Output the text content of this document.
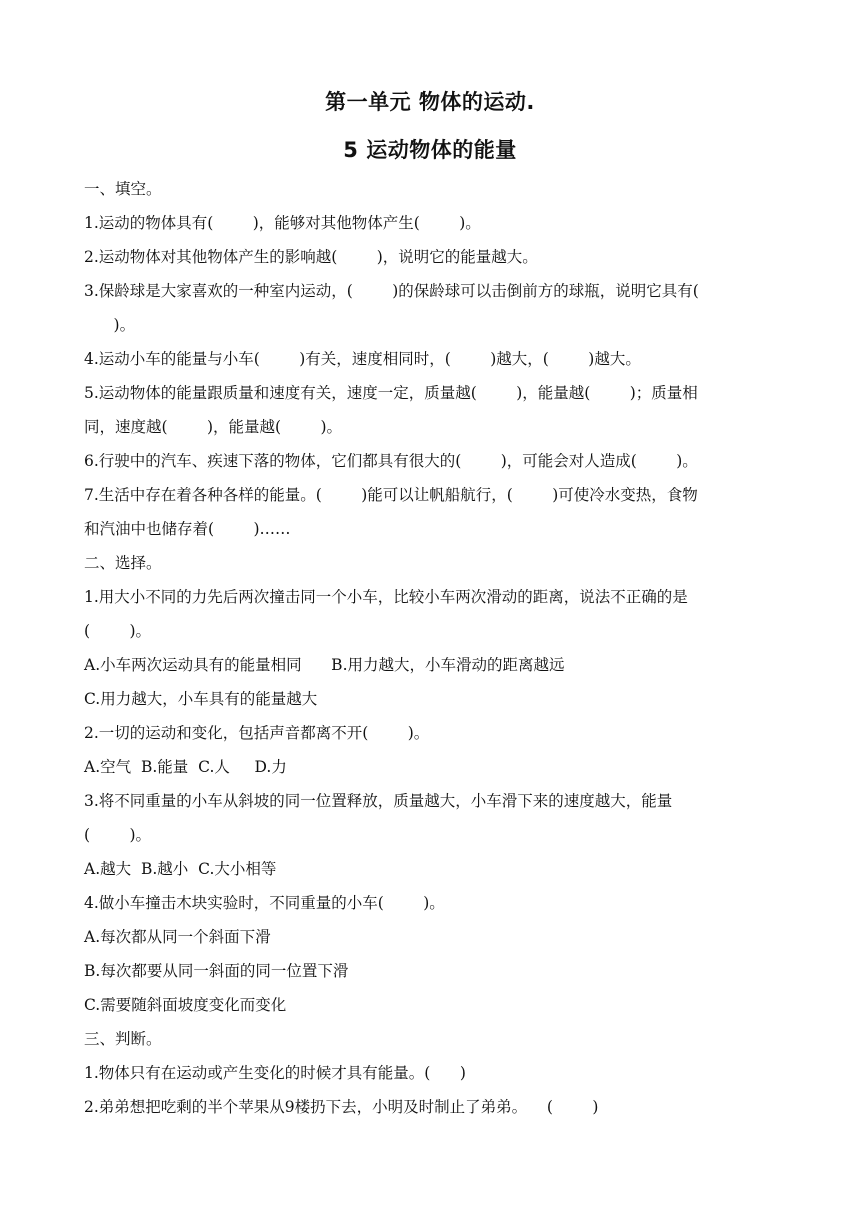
第一单元 物体的运动.
5 运动物体的能量
一、填空。
1.运动的物体具有(        )，能够对其他物体产生(        )。
2.运动物体对其他物体产生的影响越(        )，说明它的能量越大。
3.保龄球是大家喜欢的一种室内运动，(        )的保龄球可以击倒前方的球瓶，说明它具有(
)。
4.运动小车的能量与小车(        )有关，速度相同时，(        )越大，(        )越大。
5.运动物体的能量跟质量和速度有关，速度一定，质量越(        )，能量越(        )；质量相
同，速度越(        )，能量越(        )。
6.行驶中的汽车、疾速下落的物体，它们都具有很大的(        )，可能会对人造成(        )。
7.生活中存在着各种各样的能量。(        )能可以让帆船航行，(        )可使冷水变热，食物
和汽油中也储存着(        )……
二、选择。
1.用大小不同的力先后两次撞击同一个小车，比较小车两次滑动的距离，说法不正确的是
(        )。
A.小车两次运动具有的能量相同      B.用力越大，小车滑动的距离越远
C.用力越大，小车具有的能量越大
2.一切的运动和变化，包括声音都离不开(        )。
A.空气  B.能量  C.人     D.力
3.将不同重量的小车从斜坡的同一位置释放，质量越大，小车滑下来的速度越大，能量
(        )。
A.越大  B.越小  C.大小相等
4.做小车撞击木块实验时，不同重量的小车(        )。
A.每次都从同一个斜面下滑
B.每次都要从同一斜面的同一位置下滑
C.需要随斜面坡度变化而变化
三、判断。
1.物体只有在运动或产生变化的时候才具有能量。(      )
2.弟弟想把吃剩的半个苹果从9楼扔下去，小明及时制止了弟弟。    (        )
